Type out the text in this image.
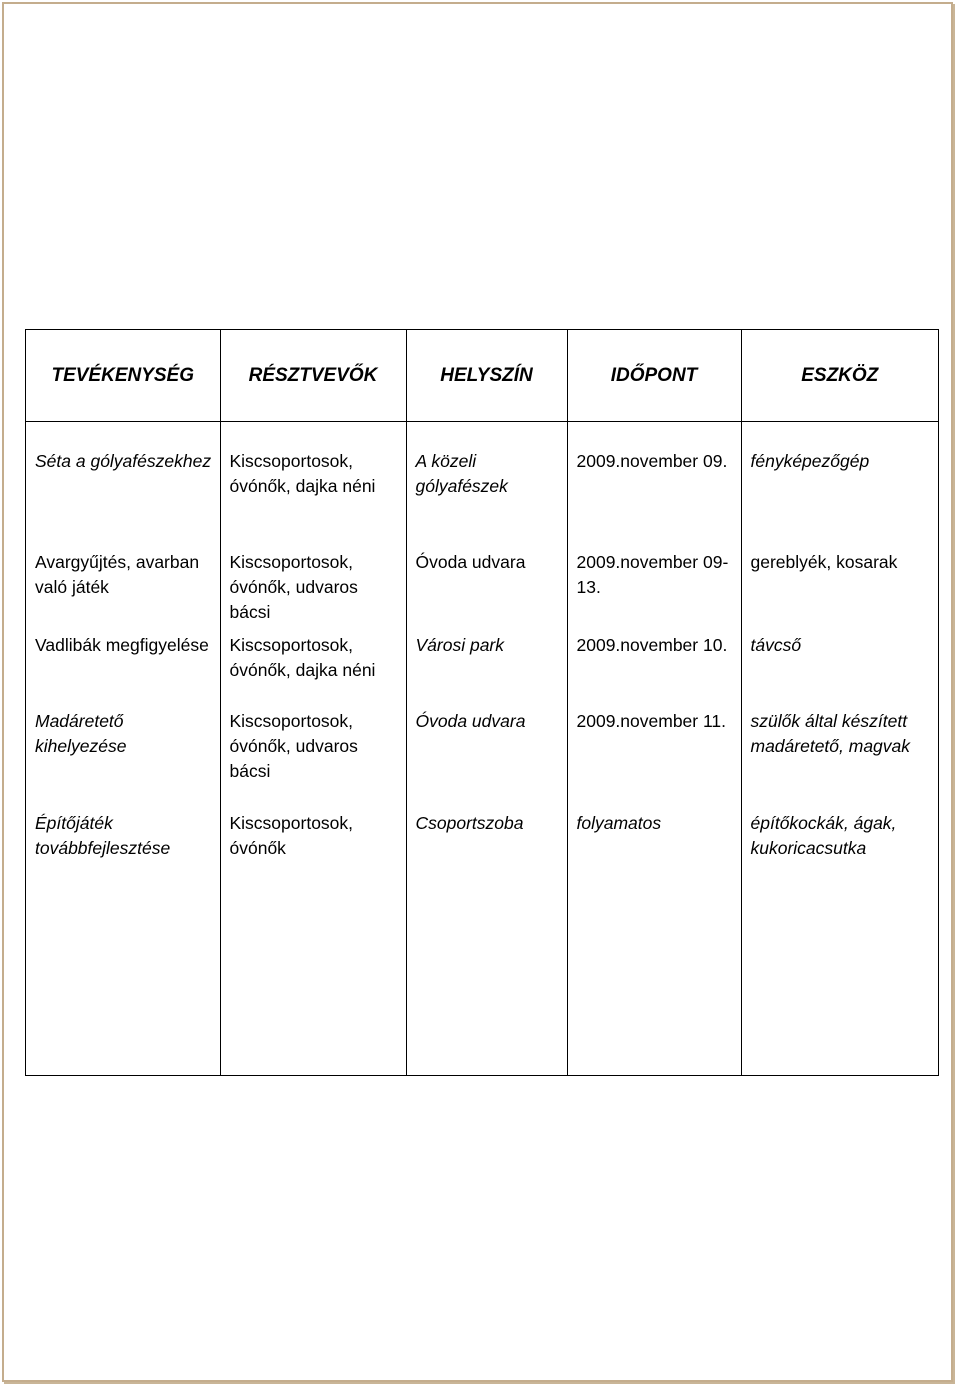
TEVÉKENYSÉG	RÉSZTVEVŐK	HELYSZÍN	IDŐPONT	ESZKÖZ
Séta a gólyafészekhez	Kiscsoportosok, óvónők, dajka néni	A közeli gólyafészek	2009.november 09.	fényképezőgép
Avargyűjtés, avarban való játék	Kiscsoportosok, óvónők, udvaros bácsi	Óvoda udvara	2009.november 09-13.	gereblyék, kosarak
Vadlibák megfigyelése	Kiscsoportosok, óvónők, dajka néni	Városi park	2009.november 10.	távcső
Madáretető kihelyezése	Kiscsoportosok, óvónők, udvaros bácsi	Óvoda udvara	2009.november 11.	szülők által készített madáretető, magvak
Építőjáték továbbfejlesztése	Kiscsoportosok, óvónők	Csoportszoba	folyamatos	építőkockák, ágak, kukoricacsutka
